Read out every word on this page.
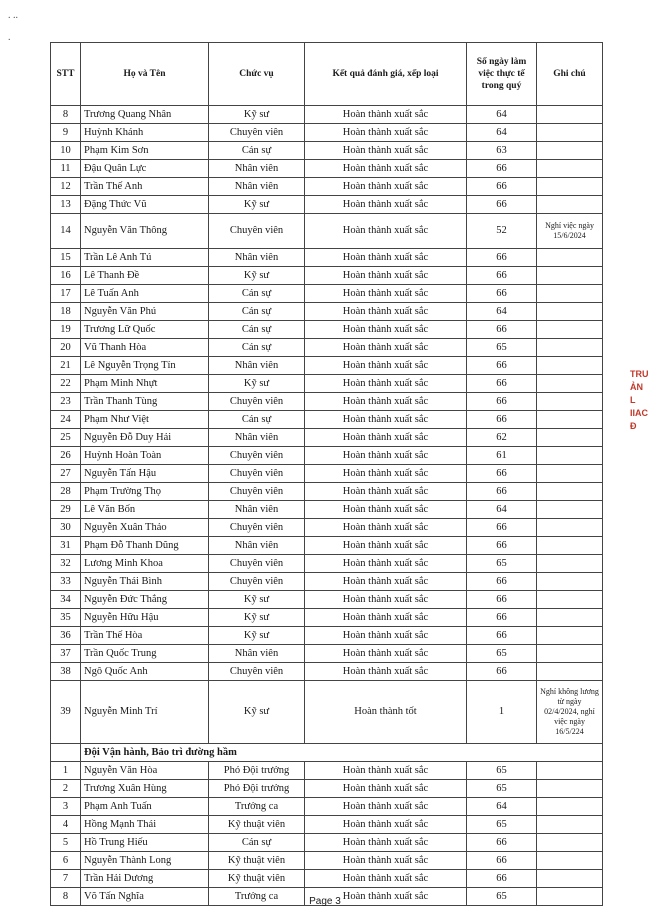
. ..

.
TRU
ẢN L
IIAC
Đ
STT	Họ và Tên	Chức vụ	Kết quả đánh giá, xếp loại	Số ngày làm việc thực tế trong quý	Ghi chú
8	Trương Quang Nhân	Kỹ sư	Hoàn thành xuất sắc	64	
9	Huỳnh Khánh	Chuyên viên	Hoàn thành xuất sắc	64	
10	Phạm Kim Sơn	Cán sự	Hoàn thành xuất sắc	63	
11	Đậu Quân Lực	Nhân viên	Hoàn thành xuất sắc	66	
12	Trần Thế Anh	Nhân viên	Hoàn thành xuất sắc	66	
13	Đặng Thức Vũ	Kỹ sư	Hoàn thành xuất sắc	66	
14	Nguyễn Văn Thông	Chuyên viên	Hoàn thành xuất sắc	52	Nghỉ việc ngày 15/6/2024
15	Trần Lê Anh Tú	Nhân viên	Hoàn thành xuất sắc	66	
16	Lê Thanh Đề	Kỹ sư	Hoàn thành xuất sắc	66	
17	Lê Tuấn Anh	Cán sự	Hoàn thành xuất sắc	66	
18	Nguyễn Văn Phú	Cán sự	Hoàn thành xuất sắc	64	
19	Trương Lữ Quốc	Cán sự	Hoàn thành xuất sắc	66	
20	Vũ Thanh Hòa	Cán sự	Hoàn thành xuất sắc	65	
21	Lê Nguyễn Trọng Tín	Nhân viên	Hoàn thành xuất sắc	66	
22	Phạm Minh Nhựt	Kỹ sư	Hoàn thành xuất sắc	66	
23	Trần Thanh Tùng	Chuyên viên	Hoàn thành xuất sắc	66	
24	Phạm Như Việt	Cán sự	Hoàn thành xuất sắc	66	
25	Nguyễn Đỗ Duy Hải	Nhân viên	Hoàn thành xuất sắc	62	
26	Huỳnh Hoàn Toàn	Chuyên viên	Hoàn thành xuất sắc	61	
27	Nguyễn Tấn Hậu	Chuyên viên	Hoàn thành xuất sắc	66	
28	Phạm Trường Thọ	Chuyên viên	Hoàn thành xuất sắc	66	
29	Lê Văn Bốn	Nhân viên	Hoàn thành xuất sắc	64	
30	Nguyễn Xuân Thảo	Chuyên viên	Hoàn thành xuất sắc	66	
31	Phạm Đỗ Thanh Dũng	Nhân viên	Hoàn thành xuất sắc	66	
32	Lương Minh Khoa	Chuyên viên	Hoàn thành xuất sắc	65	
33	Nguyễn Thái Bình	Chuyên viên	Hoàn thành xuất sắc	66	
34	Nguyễn Đức Thắng	Kỹ sư	Hoàn thành xuất sắc	66	
35	Nguyễn Hữu Hậu	Kỹ sư	Hoàn thành xuất sắc	66	
36	Trần Thế Hòa	Kỹ sư	Hoàn thành xuất sắc	66	
37	Trần Quốc Trung	Nhân viên	Hoàn thành xuất sắc	65	
38	Ngô Quốc Anh	Chuyên viên	Hoàn thành xuất sắc	66	
39	Nguyễn Minh Trí	Kỹ sư	Hoàn thành tốt	1	Nghỉ không lương từ ngày 02/4/2024, nghỉ việc ngày 16/5/224
	Đội Vận hành, Bảo trì đường hầm				
1	Nguyễn Văn Hòa	Phó Đội trưởng	Hoàn thành xuất sắc	65	
2	Trương Xuân Hùng	Phó Đội trưởng	Hoàn thành xuất sắc	65	
3	Phạm Anh Tuấn	Trưởng ca	Hoàn thành xuất sắc	64	
4	Hồng Mạnh Thái	Kỹ thuật viên	Hoàn thành xuất sắc	65	
5	Hồ Trung Hiếu	Cán sự	Hoàn thành xuất sắc	66	
6	Nguyễn Thành Long	Kỹ thuật viên	Hoàn thành xuất sắc	66	
7	Trần Hải Dương	Kỹ thuật viên	Hoàn thành xuất sắc	66	
8	Võ Tấn Nghĩa	Trưởng ca	Hoàn thành xuất sắc	65	
Page 3
